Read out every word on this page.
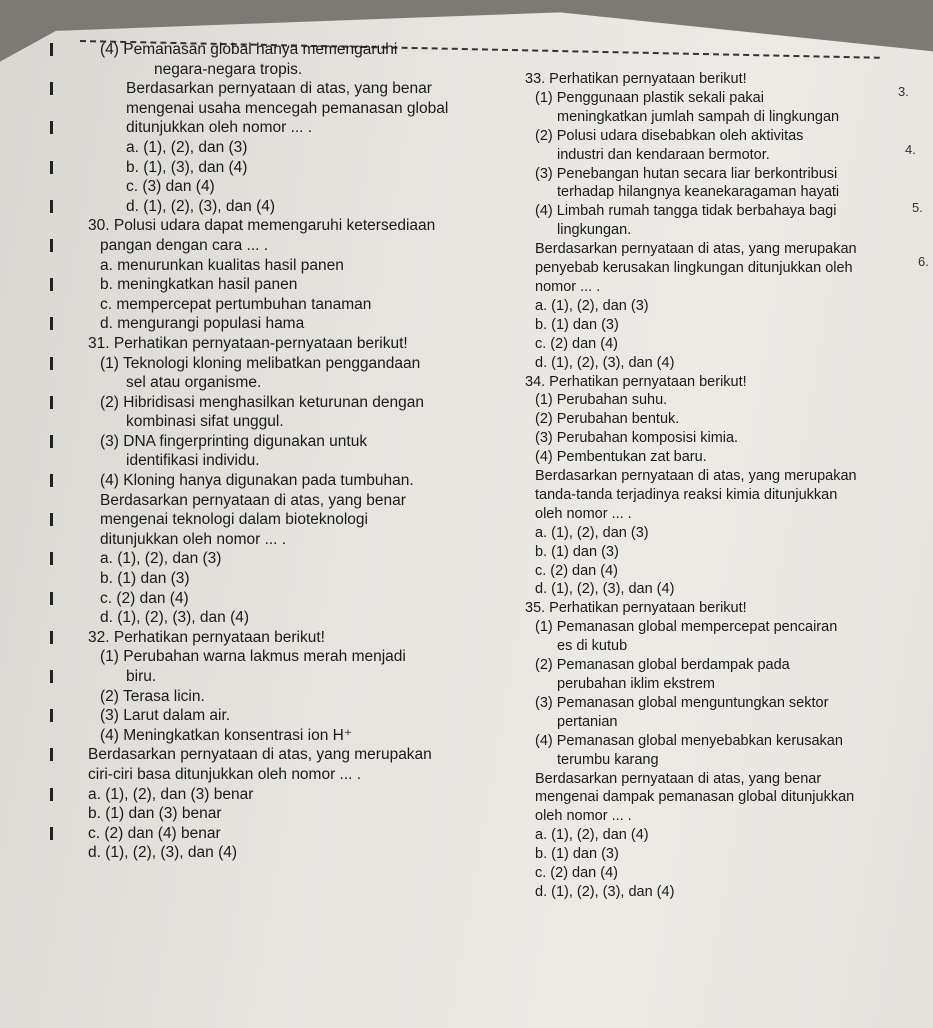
(4) Pemanasan global hanya memengaruhi
negara-negara tropis.
Berdasarkan pernyataan di atas, yang benar
mengenai usaha mencegah pemanasan global
ditunjukkan oleh nomor ... .
a. (1), (2), dan (3)
b. (1), (3), dan (4)
c. (3) dan (4)
d. (1), (2), (3), dan (4)
30. Polusi udara dapat memengaruhi ketersediaan
pangan dengan cara ... .
a. menurunkan kualitas hasil panen
b. meningkatkan hasil panen
c. mempercepat pertumbuhan tanaman
d. mengurangi populasi hama
31. Perhatikan pernyataan-pernyataan berikut!
(1) Teknologi kloning melibatkan penggandaan
sel atau organisme.
(2) Hibridisasi menghasilkan keturunan dengan
kombinasi sifat unggul.
(3) DNA fingerprinting digunakan untuk
identifikasi individu.
(4) Kloning hanya digunakan pada tumbuhan.
Berdasarkan pernyataan di atas, yang benar
mengenai teknologi dalam bioteknologi
ditunjukkan oleh nomor ... .
a. (1), (2), dan (3)
b. (1) dan (3)
c. (2) dan (4)
d. (1), (2), (3), dan (4)
32. Perhatikan pernyataan berikut!
(1) Perubahan warna lakmus merah menjadi
biru.
(2) Terasa licin.
(3) Larut dalam air.
(4) Meningkatkan konsentrasi ion H⁺
Berdasarkan pernyataan di atas, yang merupakan
ciri-ciri basa ditunjukkan oleh nomor ... .
a. (1), (2), dan (3) benar
b. (1) dan (3) benar
c. (2) dan (4) benar
d. (1), (2), (3), dan (4)
33. Perhatikan pernyataan berikut!
(1) Penggunaan plastik sekali pakai
meningkatkan jumlah sampah di lingkungan
(2) Polusi udara disebabkan oleh aktivitas
industri dan kendaraan bermotor.
(3) Penebangan hutan secara liar berkontribusi
terhadap hilangnya keanekaragaman hayati
(4) Limbah rumah tangga tidak berbahaya bagi
lingkungan.
Berdasarkan pernyataan di atas, yang merupakan
penyebab kerusakan lingkungan ditunjukkan oleh
nomor ... .
a. (1), (2), dan (3)
b. (1) dan (3)
c. (2) dan (4)
d. (1), (2), (3), dan (4)
34. Perhatikan pernyataan berikut!
(1) Perubahan suhu.
(2) Perubahan bentuk.
(3) Perubahan komposisi kimia.
(4) Pembentukan zat baru.
Berdasarkan pernyataan di atas, yang merupakan
tanda-tanda terjadinya reaksi kimia ditunjukkan
oleh nomor ... .
a. (1), (2), dan (3)
b. (1) dan (3)
c. (2) dan (4)
d. (1), (2), (3), dan (4)
35. Perhatikan pernyataan berikut!
(1) Pemanasan global mempercepat pencairan
es di kutub
(2) Pemanasan global berdampak pada
perubahan iklim ekstrem
(3) Pemanasan global menguntungkan sektor
pertanian
(4) Pemanasan global menyebabkan kerusakan
terumbu karang
Berdasarkan pernyataan di atas, yang benar
mengenai dampak pemanasan global ditunjukkan
oleh nomor ... .
a. (1), (2), dan (4)
b. (1) dan (3)
c. (2) dan (4)
d. (1), (2), (3), dan (4)
3.
4.
5.
6.
